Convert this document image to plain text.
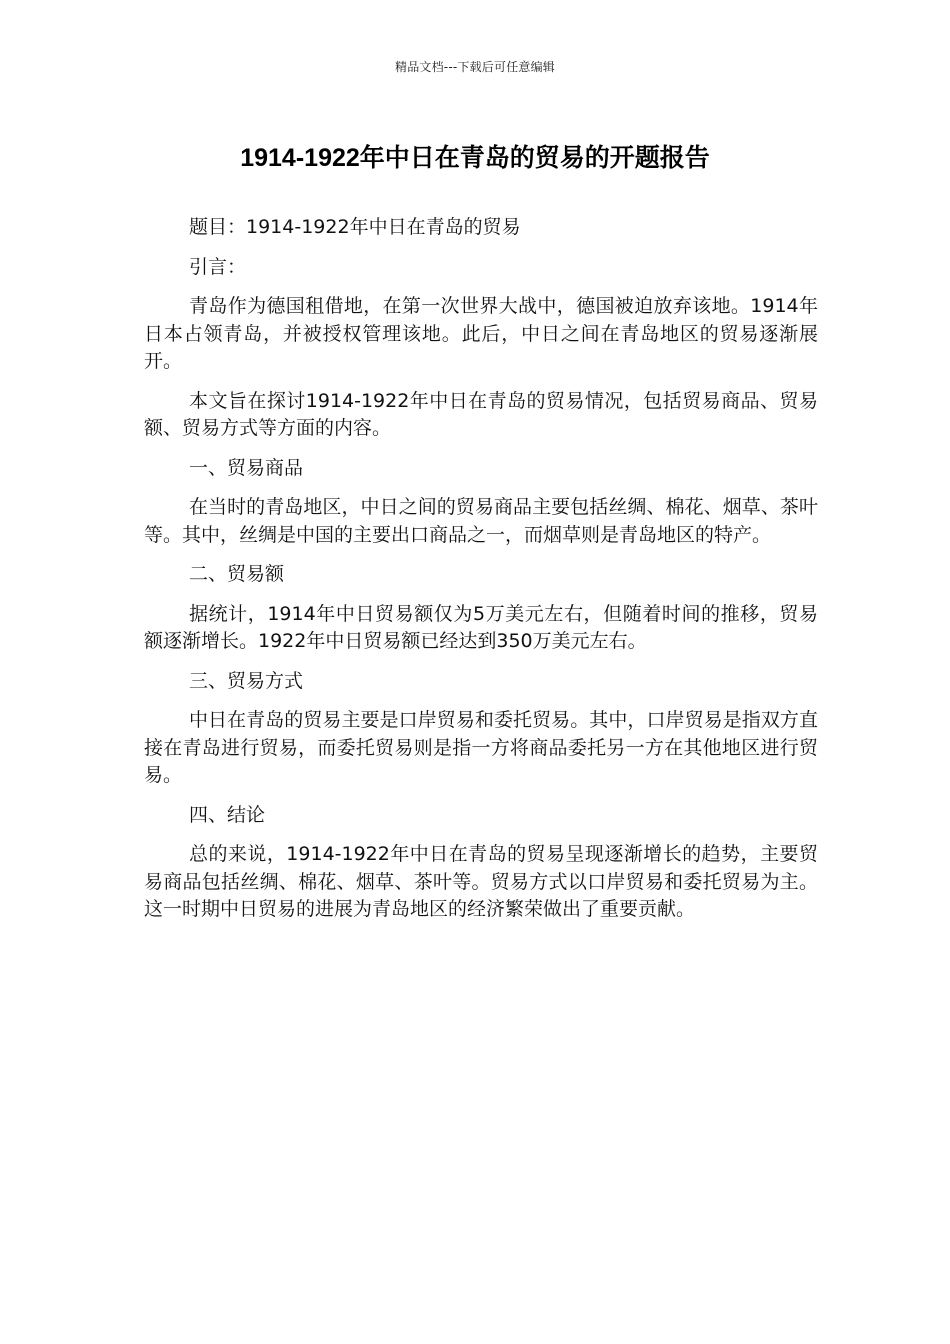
精品文档---下载后可任意编辑
1914-1922年中日在青岛的贸易的开题报告

题目：1914-1922年中日在青岛的贸易

引言：

青岛作为德国租借地，在第一次世界大战中，德国被迫放弃该地。1914年日本占领青岛，并被授权管理该地。此后，中日之间在青岛地区的贸易逐渐展开。

本文旨在探讨1914-1922年中日在青岛的贸易情况，包括贸易商品、贸易额、贸易方式等方面的内容。

一、贸易商品

在当时的青岛地区，中日之间的贸易商品主要包括丝绸、棉花、烟草、茶叶等。其中，丝绸是中国的主要出口商品之一，而烟草则是青岛地区的特产。

二、贸易额

据统计，1914年中日贸易额仅为5万美元左右，但随着时间的推移，贸易额逐渐增长。1922年中日贸易额已经达到350万美元左右。

三、贸易方式

中日在青岛的贸易主要是口岸贸易和委托贸易。其中，口岸贸易是指双方直接在青岛进行贸易，而委托贸易则是指一方将商品委托另一方在其他地区进行贸易。

四、结论

总的来说，1914-1922年中日在青岛的贸易呈现逐渐增长的趋势，主要贸易商品包括丝绸、棉花、烟草、茶叶等。贸易方式以口岸贸易和委托贸易为主。这一时期中日贸易的进展为青岛地区的经济繁荣做出了重要贡献。
